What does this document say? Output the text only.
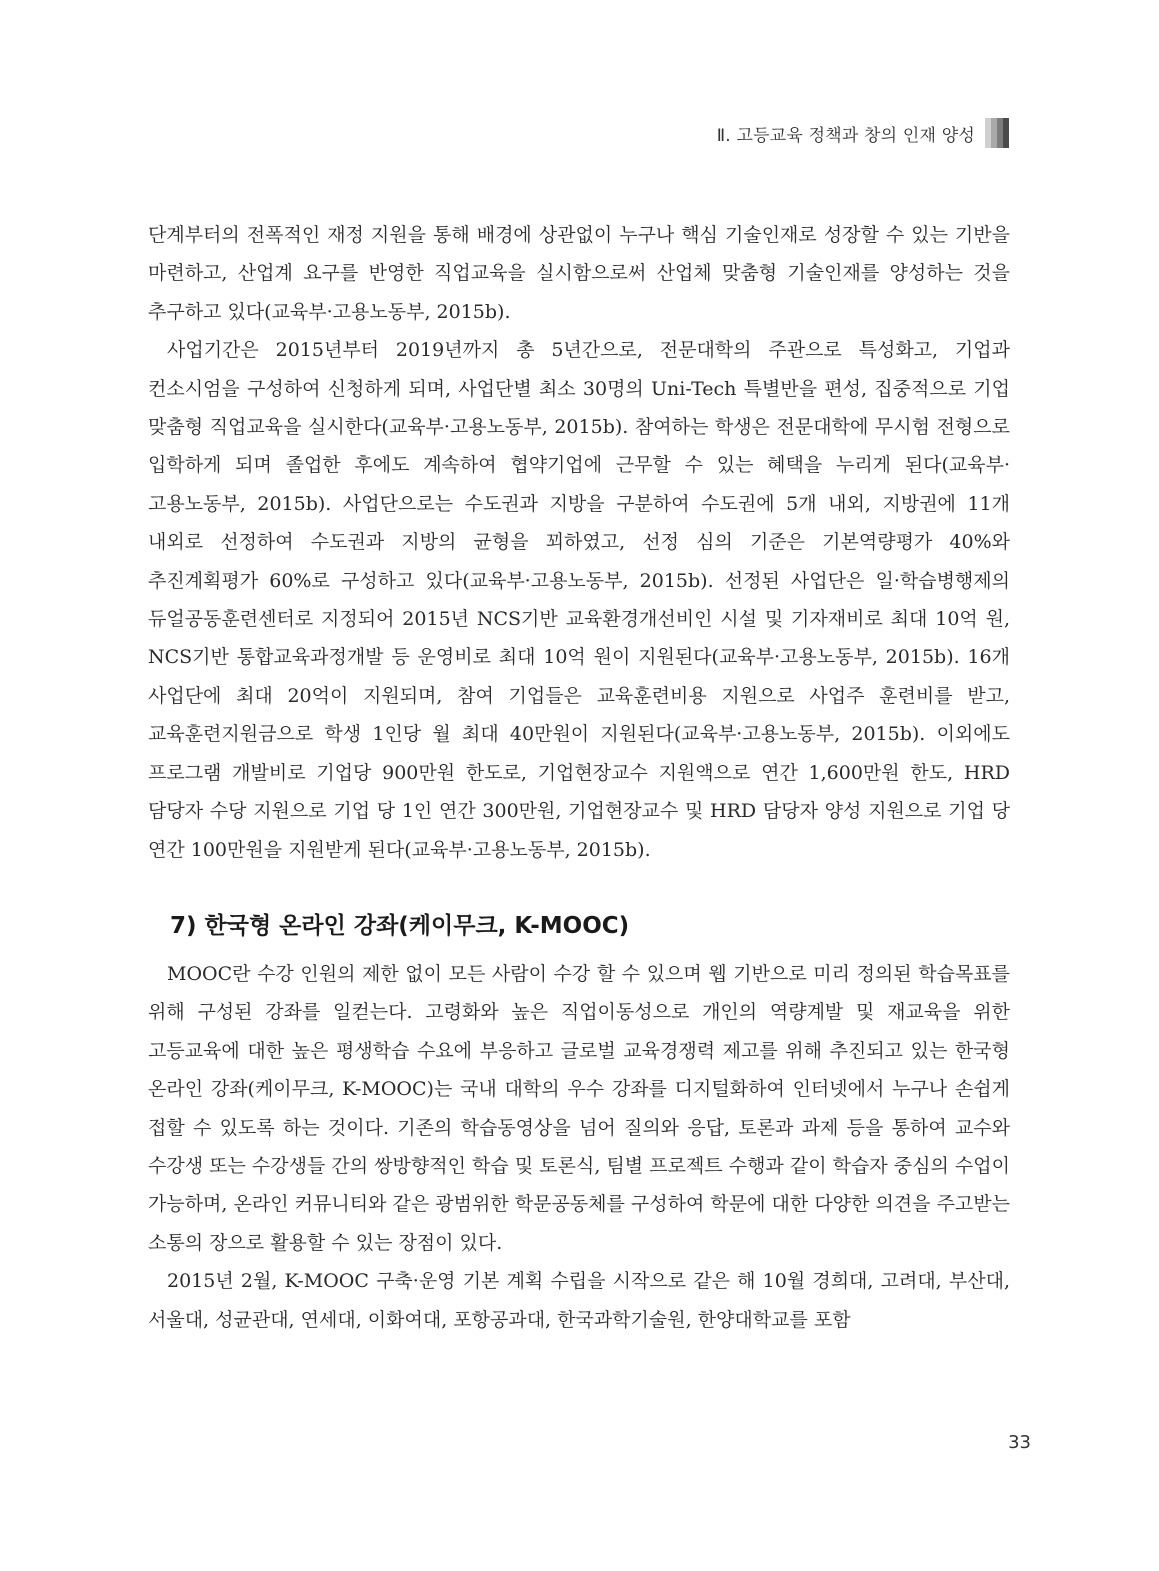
Ⅱ. 고등교육 정책과 창의 인재 양성

단계부터의 전폭적인 재정 지원을 통해 배경에 상관없이 누구나 핵심 기술인재로 성장할 수 있는 기반을 마련하고, 산업계 요구를 반영한 직업교육을 실시함으로써 산업체 맞춤형 기술인재를 양성하는 것을 추구하고 있다(교육부·고용노동부, 2015b).

사업기간은 2015년부터 2019년까지 총 5년간으로, 전문대학의 주관으로 특성화고, 기업과 컨소시엄을 구성하여 신청하게 되며, 사업단별 최소 30명의 Uni-Tech 특별반을 편성, 집중적으로 기업 맞춤형 직업교육을 실시한다(교육부·고용노동부, 2015b). 참여하는 학생은 전문대학에 무시험 전형으로 입학하게 되며 졸업한 후에도 계속하여 협약기업에 근무할 수 있는 혜택을 누리게 된다(교육부·고용노동부, 2015b). 사업단으로는 수도권과 지방을 구분하여 수도권에 5개 내외, 지방권에 11개 내외로 선정하여 수도권과 지방의 균형을 꾀하였고, 선정 심의 기준은 기본역량평가 40%와 추진계획평가 60%로 구성하고 있다(교육부·고용노동부, 2015b). 선정된 사업단은 일·학습병행제의 듀얼공동훈련센터로 지정되어 2015년 NCS기반 교육환경개선비인 시설 및 기자재비로 최대 10억 원, NCS기반 통합교육과정개발 등 운영비로 최대 10억 원이 지원된다(교육부·고용노동부, 2015b). 16개 사업단에 최대 20억이 지원되며, 참여 기업들은 교육훈련비용 지원으로 사업주 훈련비를 받고, 교육훈련지원금으로 학생 1인당 월 최대 40만원이 지원된다(교육부·고용노동부, 2015b). 이외에도 프로그램 개발비로 기업당 900만원 한도로, 기업현장교수 지원액으로 연간 1,600만원 한도, HRD 담당자 수당 지원으로 기업 당 1인 연간 300만원, 기업현장교수 및 HRD 담당자 양성 지원으로 기업 당 연간 100만원을 지원받게 된다(교육부·고용노동부, 2015b).

7) 한국형 온라인 강좌(케이무크, K-MOOC)

MOOC란 수강 인원의 제한 없이 모든 사람이 수강 할 수 있으며 웹 기반으로 미리 정의된 학습목표를 위해 구성된 강좌를 일컫는다. 고령화와 높은 직업이동성으로 개인의 역량계발 및 재교육을 위한 고등교육에 대한 높은 평생학습 수요에 부응하고 글로벌 교육경쟁력 제고를 위해 추진되고 있는 한국형 온라인 강좌(케이무크, K-MOOC)는 국내 대학의 우수 강좌를 디지털화하여 인터넷에서 누구나 손쉽게 접할 수 있도록 하는 것이다. 기존의 학습동영상을 넘어 질의와 응답, 토론과 과제 등을 통하여 교수와 수강생 또는 수강생들 간의 쌍방향적인 학습 및 토론식, 팀별 프로젝트 수행과 같이 학습자 중심의 수업이 가능하며, 온라인 커뮤니티와 같은 광범위한 학문공동체를 구성하여 학문에 대한 다양한 의견을 주고받는 소통의 장으로 활용할 수 있는 장점이 있다.

2015년 2월, K-MOOC 구축·운영 기본 계획 수립을 시작으로 같은 해 10월 경희대, 고려대, 부산대, 서울대, 성균관대, 연세대, 이화여대, 포항공과대, 한국과학기술원, 한양대학교를 포함

33
